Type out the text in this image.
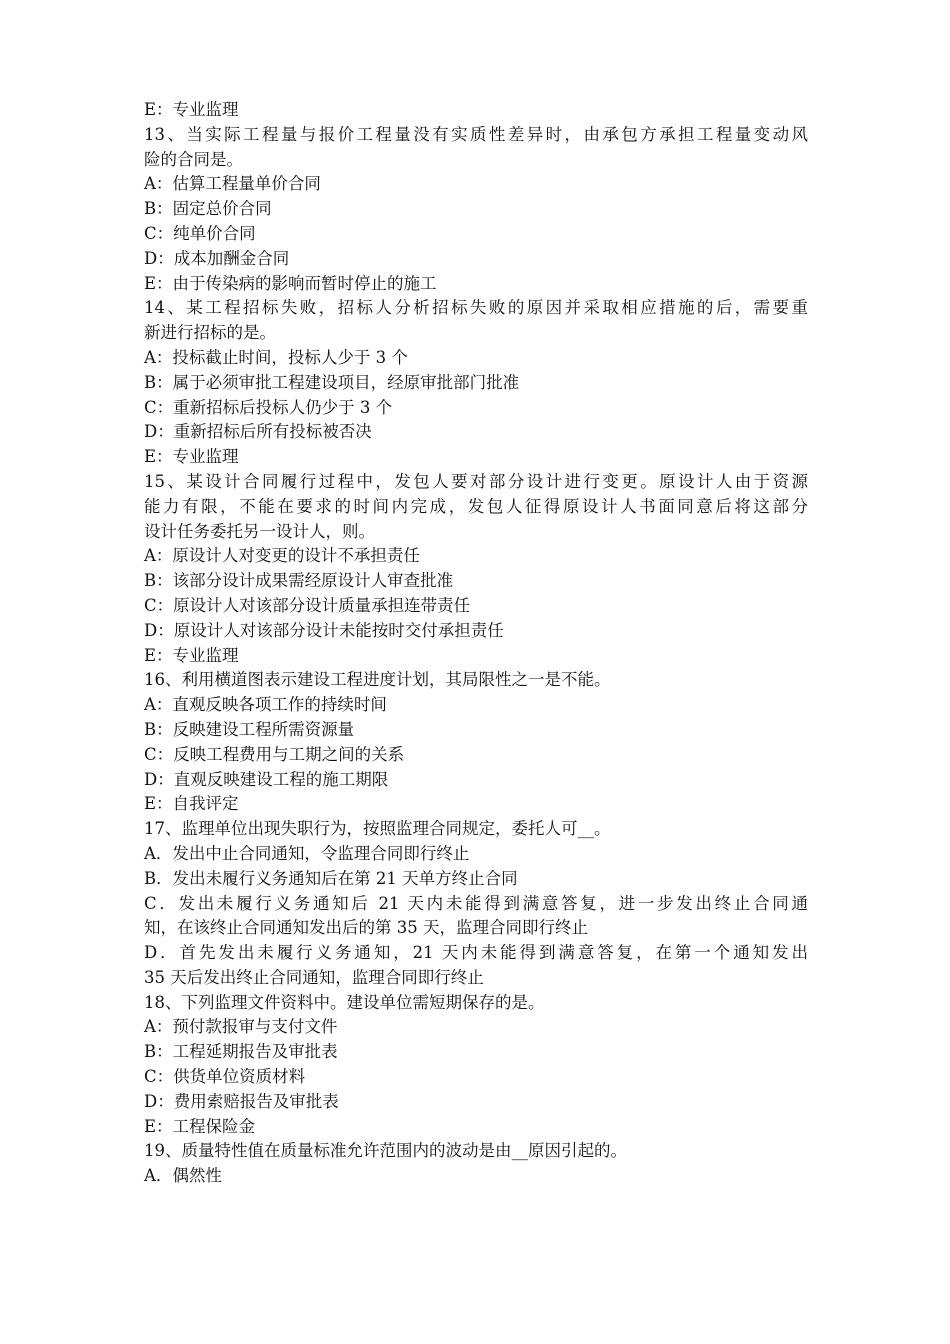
E：专业监理
13、当实际工程量与报价工程量没有实质性差异时，由承包方承担工程量变动风
险的合同是。
A：估算工程量单价合同
B：固定总价合同
C：纯单价合同
D：成本加酬金合同
E：由于传染病的影响而暂时停止的施工
14、某工程招标失败，招标人分析招标失败的原因并采取相应措施的后，需要重
新进行招标的是。
A：投标截止时间，投标人少于 3 个
B：属于必须审批工程建设项目，经原审批部门批准
C：重新招标后投标人仍少于 3 个
D：重新招标后所有投标被否决
E：专业监理
15、某设计合同履行过程中，发包人要对部分设计进行变更。原设计人由于资源
能力有限，不能在要求的时间内完成，发包人征得原设计人书面同意后将这部分
设计任务委托另一设计人，则。
A：原设计人对变更的设计不承担责任
B：该部分设计成果需经原设计人审查批准
C：原设计人对该部分设计质量承担连带责任
D：原设计人对该部分设计未能按时交付承担责任
E：专业监理
16、利用横道图表示建设工程进度计划，其局限性之一是不能。
A：直观反映各项工作的持续时间
B：反映建设工程所需资源量
C：反映工程费用与工期之间的关系
D：直观反映建设工程的施工期限
E：自我评定
17、监理单位出现失职行为，按照监理合同规定，委托人可__。
A．发出中止合同通知，令监理合同即行终止
B．发出未履行义务通知后在第 21 天单方终止合同
C．发出未履行义务通知后 21 天内未能得到满意答复，进一步发出终止合同通
知，在该终止合同通知发出后的第 35 天，监理合同即行终止
D．首先发出未履行义务通知，21 天内未能得到满意答复，在第一个通知发出
35 天后发出终止合同通知，监理合同即行终止
18、下列监理文件资料中。建设单位需短期保存的是。
A：预付款报审与支付文件
B：工程延期报告及审批表
C：供货单位资质材料
D：费用索赔报告及审批表
E：工程保险金
19、质量特性值在质量标准允许范围内的波动是由__原因引起的。
A．偶然性
